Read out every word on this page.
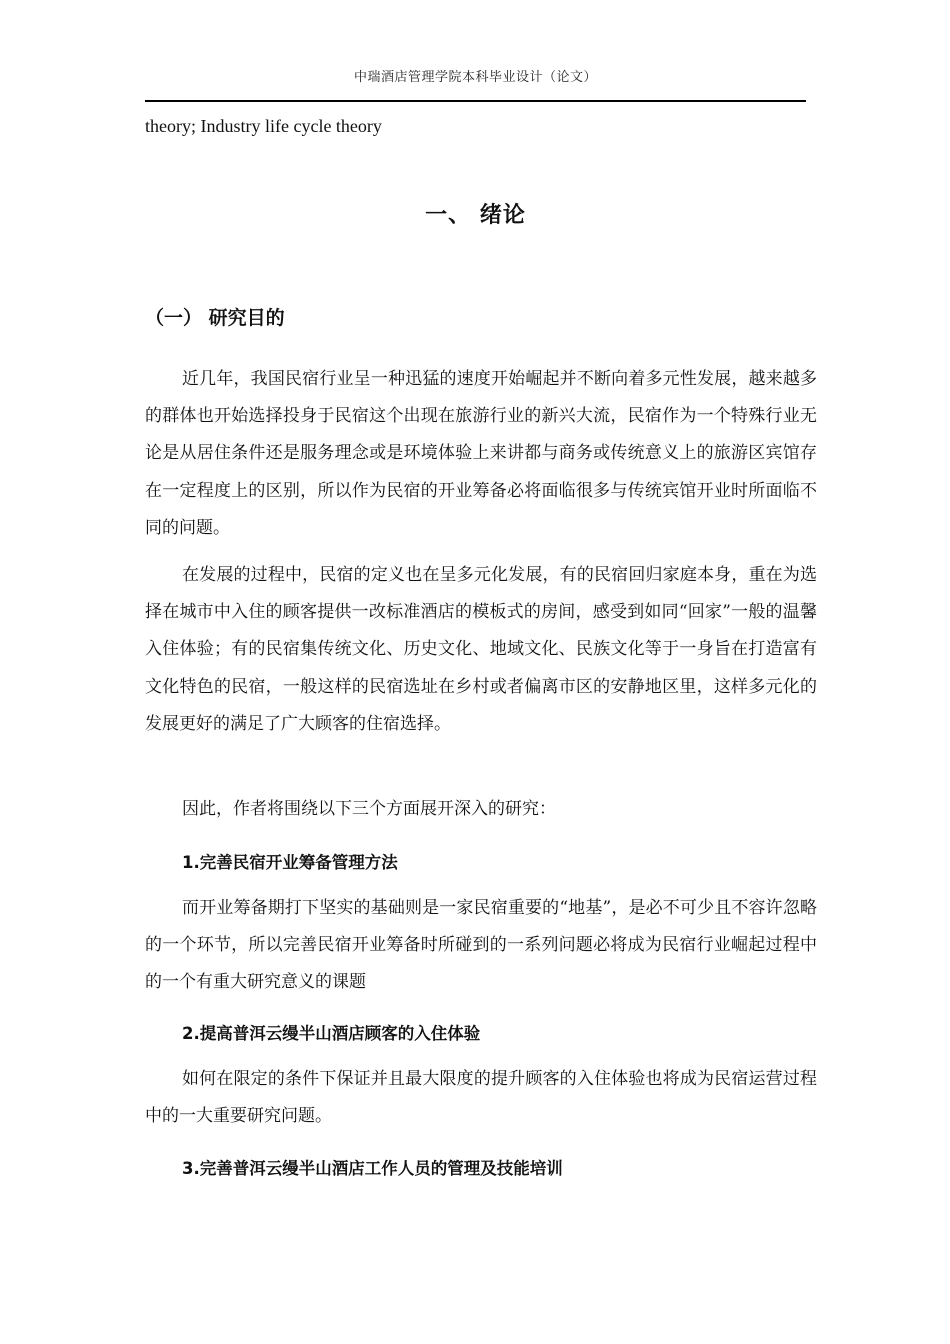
中瑞酒店管理学院本科毕业设计（论文）
theory; Industry life cycle theory
一、 绪论
（一） 研究目的

近几年，我国民宿行业呈一种迅猛的速度开始崛起并不断向着多元性发展，越来越多的群体也开始选择投身于民宿这个出现在旅游行业的新兴大流，民宿作为一个特殊行业无论是从居住条件还是服务理念或是环境体验上来讲都与商务或传统意义上的旅游区宾馆存在一定程度上的区别，所以作为民宿的开业筹备必将面临很多与传统宾馆开业时所面临不同的问题。

在发展的过程中，民宿的定义也在呈多元化发展，有的民宿回归家庭本身，重在为选择在城市中入住的顾客提供一改标准酒店的模板式的房间，感受到如同“回家”一般的温馨入住体验；有的民宿集传统文化、历史文化、地域文化、民族文化等于一身旨在打造富有文化特色的民宿，一般这样的民宿选址在乡村或者偏离市区的安静地区里，这样多元化的发展更好的满足了广大顾客的住宿选择。

因此，作者将围绕以下三个方面展开深入的研究：

1.完善民宿开业筹备管理方法

而开业筹备期打下坚实的基础则是一家民宿重要的“地基”，是必不可少且不容许忽略的一个环节，所以完善民宿开业筹备时所碰到的一系列问题必将成为民宿行业崛起过程中的一个有重大研究意义的课题

2.提高普洱云缦半山酒店顾客的入住体验

如何在限定的条件下保证并且最大限度的提升顾客的入住体验也将成为民宿运营过程中的一大重要研究问题。

3.完善普洱云缦半山酒店工作人员的管理及技能培训
